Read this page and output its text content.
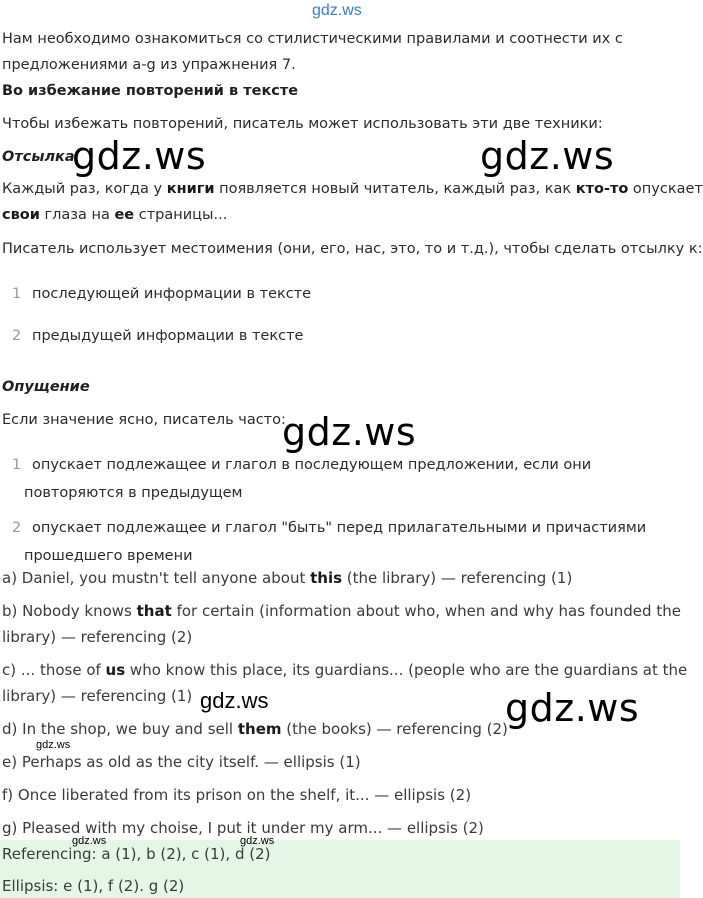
gdz.ws
Нам необходимо ознакомиться со стилистическими правилами и соотнести их с
предложениями a-g из упражнения 7.
Во избежание повторений в тексте
Чтобы избежать повторений, писатель может использовать эти две техники:
Отсылка
Каждый раз, когда у книги появляется новый читатель, каждый раз, как кто-то опускает
свои глаза на ее страницы...
Писатель использует местоимения (они, его, нас, это, то и т.д.), чтобы сделать отсылку к:
1 последующей информации в тексте
2 предыдущей информации в тексте
Опущение
Если значение ясно, писатель часто:
1 опускает подлежащее и глагол в последующем предложении, если они
повторяются в предыдущем
2 опускает подлежащее и глагол "быть" перед прилагательными и причастиями
прошедшего времени
a) Daniel, you mustn't tell anyone about this (the library) — referencing (1)
b) Nobody knows that for certain (information about who, when and why has founded the
library) — referencing (2)
c) ... those of us who know this place, its guardians... (people who are the guardians at the
library) — referencing (1)
d) In the shop, we buy and sell them (the books) — referencing (2)
e) Perhaps as old as the city itself. — ellipsis (1)
f) Once liberated from its prison on the shelf, it... — ellipsis (2)
g) Pleased with my choise, I put it under my arm... — ellipsis (2)
Referencing: a (1), b (2), c (1), d (2)
Ellipsis: e (1), f (2). g (2)
gdz.ws	gdz.ws
gdz.ws
gdz.ws
gdz.ws
gdz.ws
gdz.ws	gdz.ws
